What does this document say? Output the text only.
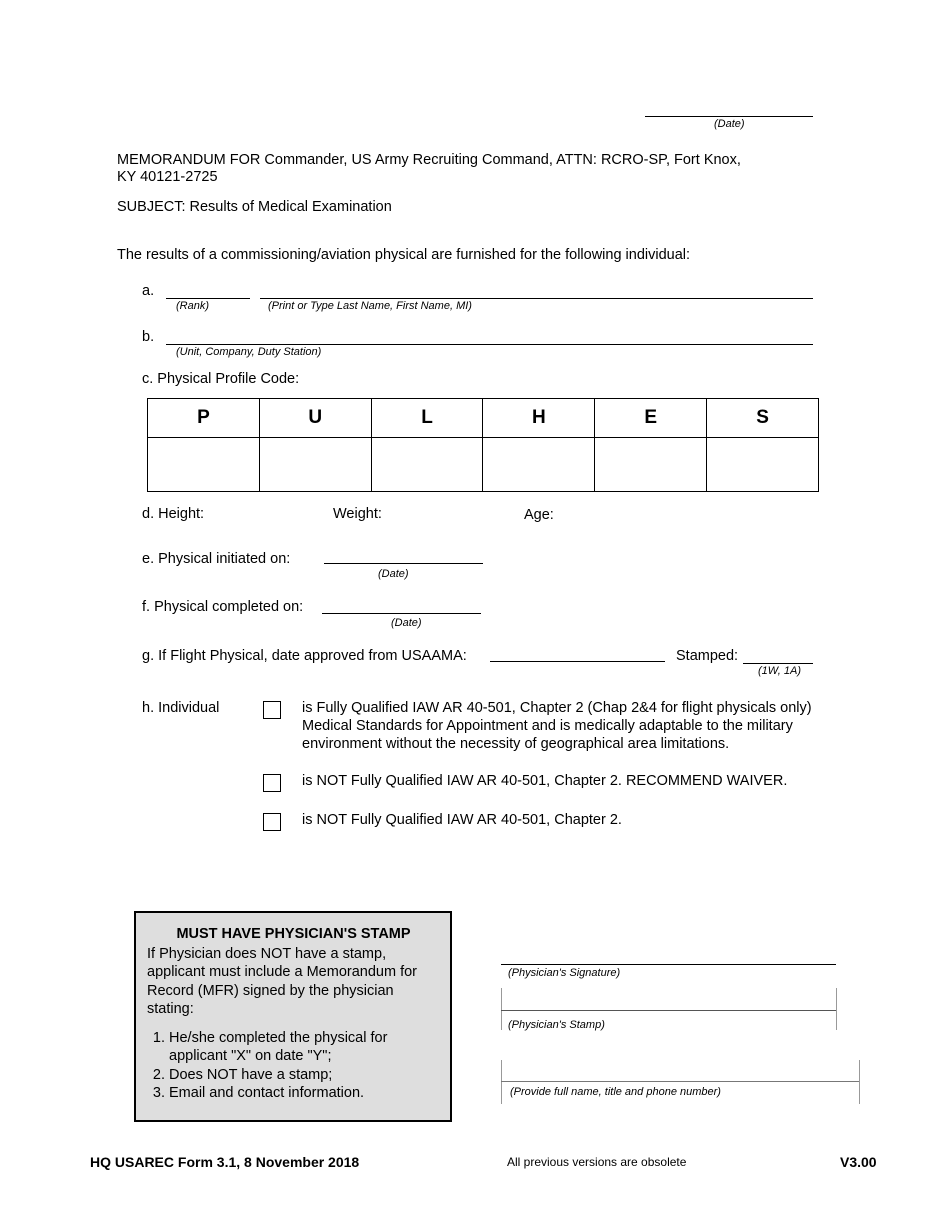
(Date)
MEMORANDUM FOR Commander, US Army Recruiting Command, ATTN: RCRO-SP, Fort Knox,
KY 40121-2725
SUBJECT: Results of Medical Examination
The results of a commissioning/aviation physical are furnished for the following individual:
a.
(Rank)	(Print or Type Last Name, First Name, MI)
b.
(Unit, Company, Duty Station)
c. Physical Profile Code:
P	U	L	H	E	S

d. Height:	Weight:	Age:
e. Physical initiated on:
(Date)
f. Physical completed on:
(Date)
g. If Flight Physical, date approved from USAAMA:	Stamped:
(1W, 1A)
h. Individual	is Fully Qualified IAW AR 40-501, Chapter 2 (Chap 2&4 for flight physicals only)
Medical Standards for Appointment and is medically adaptable to the military
environment without the necessity of geographical area limitations.
is NOT Fully Qualified IAW AR 40-501, Chapter 2. RECOMMEND WAIVER.
is NOT Fully Qualified IAW AR 40-501, Chapter 2.
MUST HAVE PHYSICIAN'S STAMP
If Physician does NOT have a stamp, applicant must include a Memorandum for Record (MFR) signed by the physician stating:
1. He/she completed the physical for applicant "X" on date "Y";
2. Does NOT have a stamp;
3. Email and contact information.
(Physician's Signature)
(Physician's Stamp)
(Provide full name, title and phone number)
HQ USAREC Form 3.1, 8 November 2018	All previous versions are obsolete	V3.00
